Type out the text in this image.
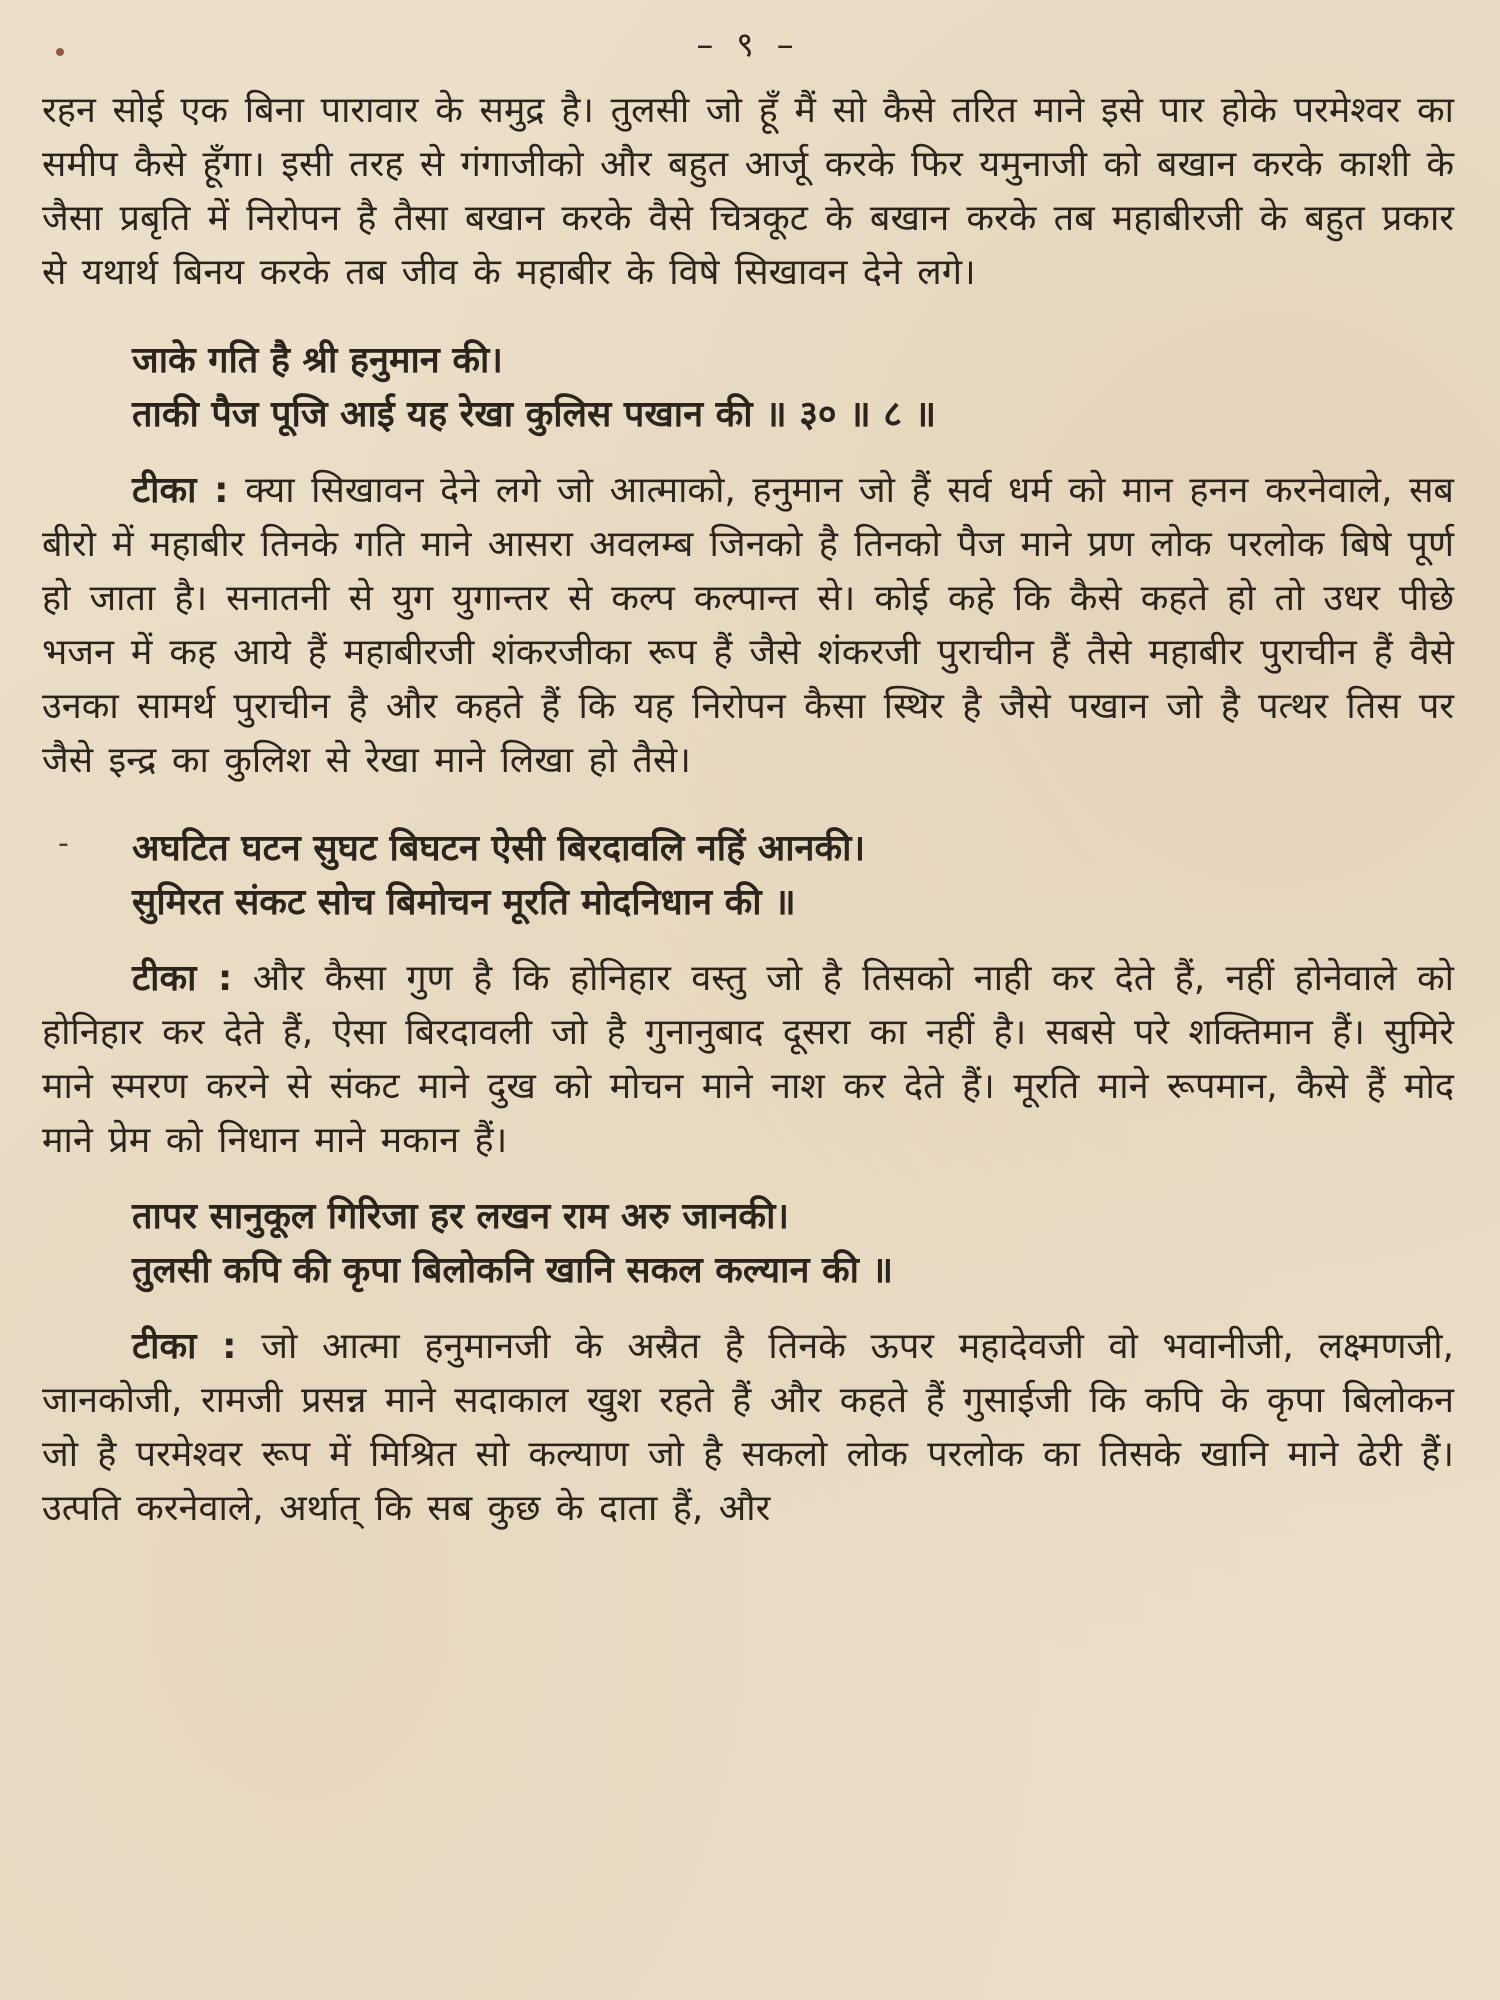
– ९ –

रहन सोई एक बिना पारावार के समुद्र है। तुलसी जो हूँ मैं सो कैसे तरित माने इसे पार होके परमेश्वर का समीप कैसे हूँगा। इसी तरह से गंगाजीको और बहुत आर्जू करके फिर यमुनाजी को बखान करके काशी के जैसा प्रबृति में निरोपन है तैसा बखान करके वैसे चित्रकूट के बखान करके तब महाबीरजी के बहुत प्रकार से यथार्थ बिनय करके तब जीव के महाबीर के विषे सिखावन देने लगे।

जाके गति है श्री हनुमान की।
ताकी पैज पूजि आई यह रेखा कुलिस पखान की ॥ ३० ॥ ८ ॥

टीका : क्या सिखावन देने लगे जो आत्माको, हनुमान जो हैं सर्व धर्म को मान हनन करनेवाले, सब बीरो में महाबीर तिनके गति माने आसरा अवलम्ब जिनको है तिनको पैज माने प्रण लोक परलोक बिषे पूर्ण हो जाता है। सनातनी से युग युगान्तर से कल्प कल्पान्त से। कोई कहे कि कैसे कहते हो तो उधर पीछे भजन में कह आये हैं महाबीरजी शंकरजीका रूप हैं जैसे शंकरजी पुराचीन हैं तैसे महाबीर पुराचीन हैं वैसे उनका सामर्थ पुराचीन है और कहते हैं कि यह निरोपन कैसा स्थिर है जैसे पखान जो है पत्थर तिस पर जैसे इन्द्र का कुलिश से रेखा माने लिखा हो तैसे।

- अघटित घटन सुघट बिघटन ऐसी बिरदावलि नहिं आनकी।
सुमिरत संकट सोच बिमोचन मूरति मोदनिधान की ॥

टीका : और कैसा गुण है कि होनिहार वस्तु जो है तिसको नाही कर देते हैं, नहीं होनेवाले को होनिहार कर देते हैं, ऐसा बिरदावली जो है गुनानुबाद दूसरा का नहीं है। सबसे परे शक्तिमान हैं। सुमिरे माने स्मरण करने से संकट माने दुख को मोचन माने नाश कर देते हैं। मूरति माने रूपमान, कैसे हैं मोद माने प्रेम को निधान माने मकान हैं।

तापर सानुकूल गिरिजा हर लखन राम अरु जानकी।
तुलसी कपि की कृपा बिलोकनि खानि सकल कल्यान की ॥

टीका : जो आत्मा हनुमानजी के अस्रैत है तिनके ऊपर महादेवजी वो भवानीजी, लक्ष्मणजी, जानकोजी, रामजी प्रसन्न माने सदाकाल खुश रहते हैं और कहते हैं गुसाईजी कि कपि के कृपा बिलोकन जो है परमेश्वर रूप में मिश्रित सो कल्याण जो है सकलो लोक परलोक का तिसके खानि माने ढेरी हैं। उत्पति करनेवाले, अर्थात् कि सब कुछ के दाता हैं, और
